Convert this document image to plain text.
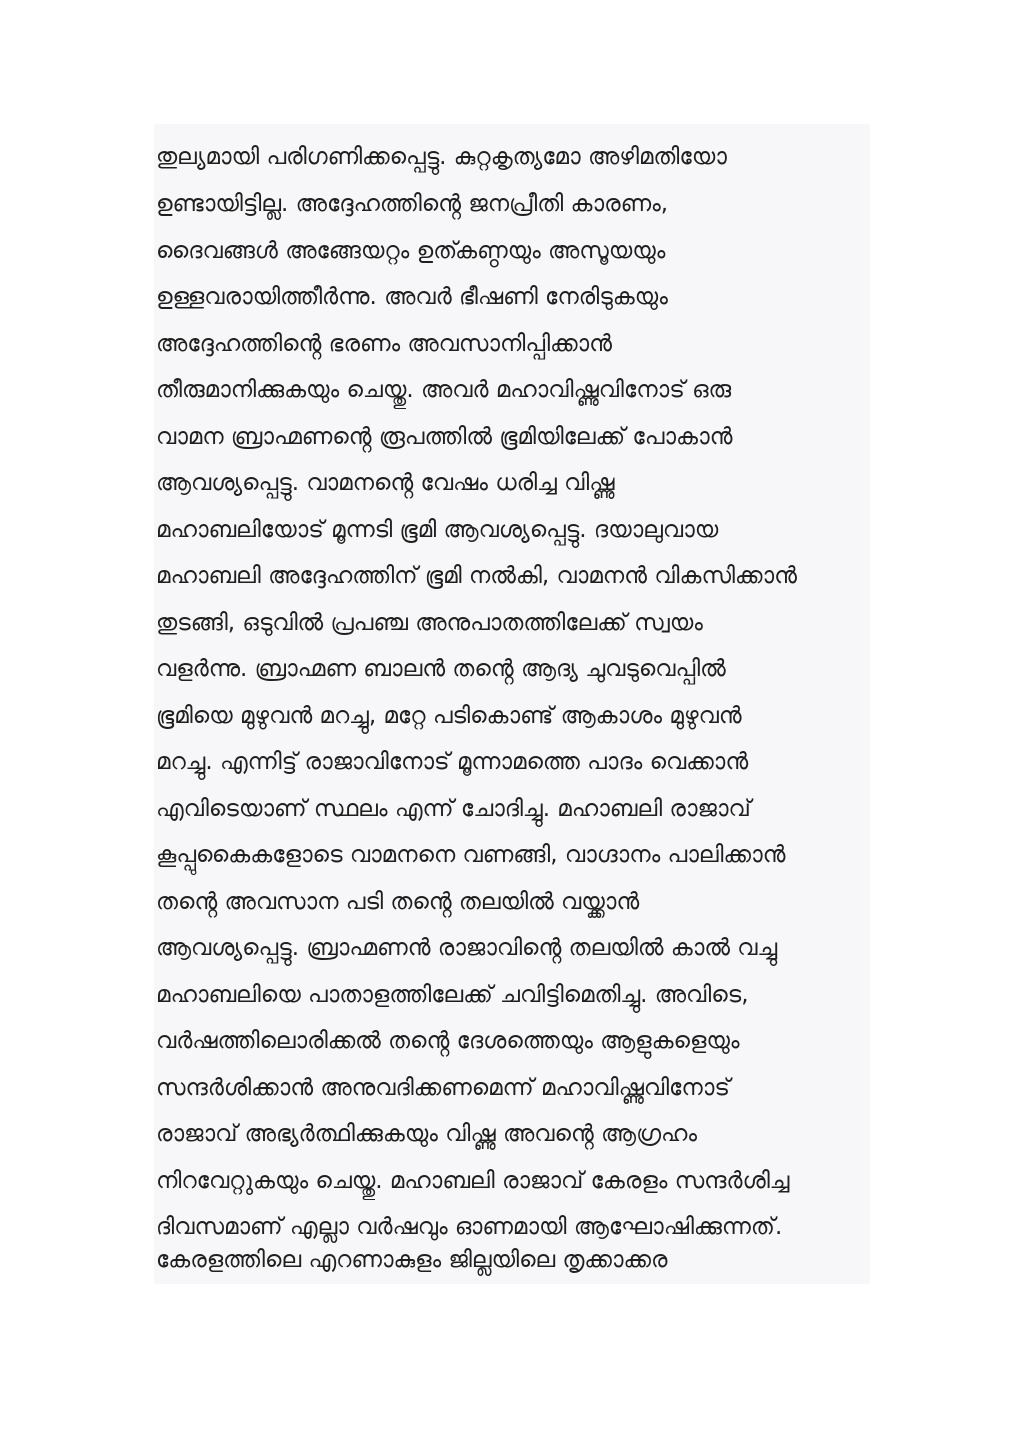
തുല്യമായി പരിഗണിക്കപ്പെട്ടു. കുറ്റകൃത്യമോ അഴിമതിയോ
ഉണ്ടായിട്ടില്ല. അദ്ദേഹത്തിൻ്റെ ജനപ്രീതി കാരണം,
ദൈവങ്ങൾ അങ്ങേയറ്റം ഉത്കണ്ഠയും അസൂയയും
ഉള്ളവരായിത്തീർന്നു. അവർ ഭീഷണി നേരിടുകയും
അദ്ദേഹത്തിൻ്റെ ഭരണം അവസാനിപ്പിക്കാൻ
തീരുമാനിക്കുകയും ചെയ്തു. അവർ മഹാവിഷ്ണുവിനോട് ഒരു
വാമന ബ്രാഹ്മണൻ്റെ രൂപത്തിൽ ഭൂമിയിലേക്ക് പോകാൻ
ആവശ്യപ്പെട്ടു. വാമനൻ്റെ വേഷം ധരിച്ച വിഷ്ണു
മഹാബലിയോട് മൂന്നടി ഭൂമി ആവശ്യപ്പെട്ടു. ദയാലുവായ
മഹാബലി അദ്ദേഹത്തിന് ഭൂമി നൽകി, വാമനൻ വികസിക്കാൻ
തുടങ്ങി, ഒടുവിൽ പ്രപഞ്ച അനുപാതത്തിലേക്ക് സ്വയം
വളർന്നു. ബ്രാഹ്മണ ബാലൻ തൻ്റെ ആദ്യ ചുവടുവെപ്പിൽ
ഭൂമിയെ മുഴുവൻ മറച്ചു, മറ്റേ പടികൊണ്ട് ആകാശം മുഴുവൻ
മറച്ചു. എന്നിട്ട് രാജാവിനോട് മൂന്നാമത്തെ പാദം വെക്കാൻ
എവിടെയാണ് സ്ഥലം എന്ന് ചോദിച്ചു. മഹാബലി രാജാവ്
കൂപ്പുകൈകളോടെ വാമനനെ വണങ്ങി, വാഗ്ദാനം പാലിക്കാൻ
തൻ്റെ അവസാന പടി തൻ്റെ തലയിൽ വയ്ക്കാൻ
ആവശ്യപ്പെട്ടു. ബ്രാഹ്മണൻ രാജാവിൻ്റെ തലയിൽ കാൽ വച്ചു
മഹാബലിയെ പാതാളത്തിലേക്ക് ചവിട്ടിമെതിച്ചു. അവിടെ,
വർഷത്തിലൊരിക്കൽ തൻ്റെ ദേശത്തെയും ആളുകളെയും
സന്ദർശിക്കാൻ അനുവദിക്കണമെന്ന് മഹാവിഷ്ണുവിനോട്
രാജാവ് അഭ്യർത്ഥിക്കുകയും വിഷ്ണു അവൻ്റെ ആഗ്രഹം
നിറവേറ്റുകയും ചെയ്തു. മഹാബലി രാജാവ് കേരളം സന്ദർശിച്ച
ദിവസമാണ് എല്ലാ വർഷവും ഓണമായി ആഘോഷിക്കുന്നത്.
കേരളത്തിലെ എറണാകുളം ജില്ലയിലെ തൃക്കാക്കര
